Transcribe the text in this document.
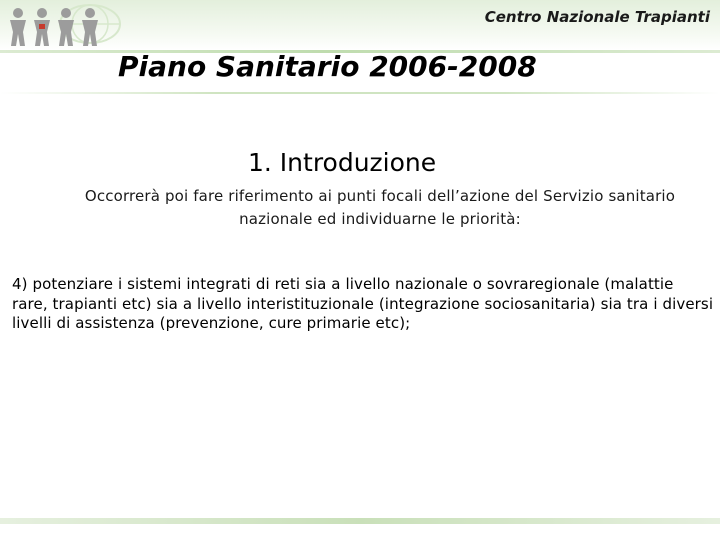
Centro Nazionale Trapianti
Piano Sanitario 2006-2008
1. Introduzione
Occorrerà poi fare riferimento ai punti focali dell’azione del Servizio sanitario nazionale ed individuarne le priorità:
4) potenziare i sistemi integrati di reti sia a livello nazionale o sovraregionale (malattie rare, trapianti etc) sia a livello interistituzionale (integrazione sociosanitaria) sia tra i diversi livelli di assistenza (prevenzione, cure primarie etc);
